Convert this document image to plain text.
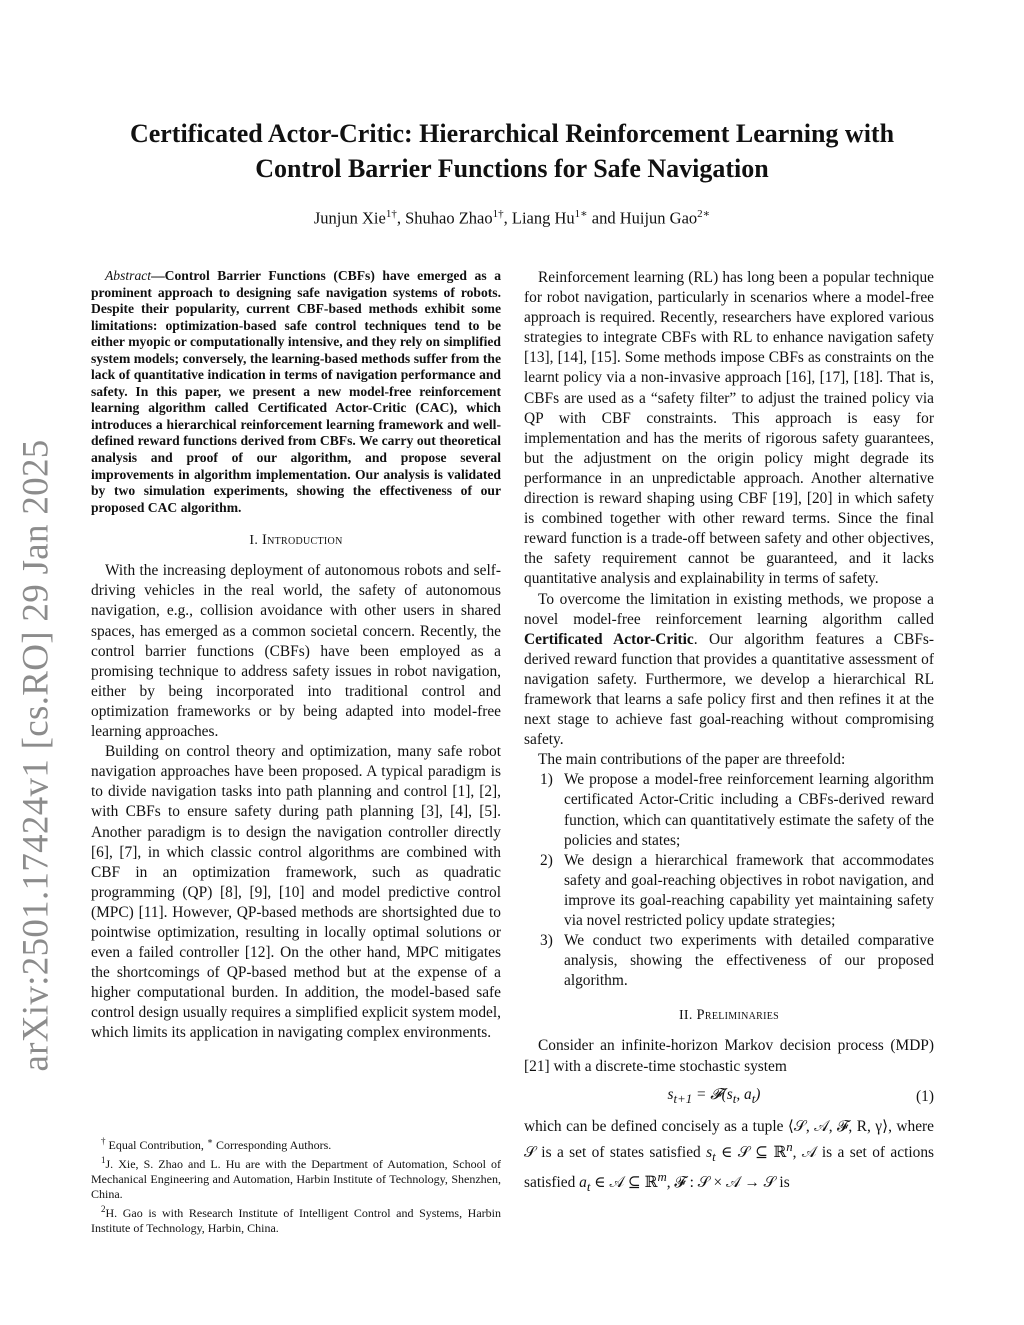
arXiv:2501.17424v1 [cs.RO] 29 Jan 2025
Certificated Actor-Critic: Hierarchical Reinforcement Learning with
Control Barrier Functions for Safe Navigation
Junjun Xie$^{1\dagger}$, Shuhao Zhao$^{1\dagger}$, Liang $Hu^{1∗}$ and Huijun Gao$^{2∗}$

Abstract—Control Barrier Functions (CBFs) have emerged as a prominent approach to designing safe navigation systems of robots. Despite their popularity, current CBF-based methods exhibit some limitations: optimization-based safe control techniques tend to be either myopic or computationally intensive, and they rely on simplified system models; conversely, the learning-based methods suffer from the lack of quantitative indication in terms of navigation performance and safety. In this paper, we present a new model-free reinforcement learning algorithm called Certificated Actor-Critic (CAC), which introduces a hierarchical reinforcement learning framework and well-defined reward functions derived from CBFs. We carry out theoretical analysis and proof of our algorithm, and propose several improvements in algorithm implementation. Our analysis is validated by two simulation experiments, showing the effectiveness of our proposed CAC algorithm.

I. Introduction

With the increasing deployment of autonomous robots and self-driving vehicles in the real world, the safety of autonomous navigation, e.g., collision avoidance with other users in shared spaces, has emerged as a common societal concern. Recently, the control barrier functions (CBFs) have been employed as a promising technique to address safety issues in robot navigation, either by being incorporated into traditional control and optimization frameworks or by being adapted into model-free learning approaches.

Building on control theory and optimization, many safe robot navigation approaches have been proposed. A typical paradigm is to divide navigation tasks into path planning and control [1], [2], with CBFs to ensure safety during path planning [3], [4], [5]. Another paradigm is to design the navigation controller directly [6], [7], in which classic control algorithms are combined with CBF in an optimization framework, such as quadratic programming (QP) [8], [9], [10] and model predictive control (MPC) [11]. However, QP-based methods are shortsighted due to pointwise optimization, resulting in locally optimal solutions or even a failed controller [12]. On the other hand, MPC mitigates the shortcomings of QP-based method but at the expense of a higher computational burden. In addition, the model-based safe control design usually requires a simplified explicit system model, which limits its application in navigating complex environments.

† Equal Contribution, ∗ Corresponding Authors.

$^1$J. Xie, S. Zhao and L. Hu are with the Department of Automation, School of Mechanical Engineering and Automation, Harbin Institute of Technology, Shenzhen, China.

$^2$H. Gao is with Research Institute of Intelligent Control and Systems, Harbin Institute of Technology, Harbin, China.

Reinforcement learning (RL) has long been a popular technique for robot navigation, particularly in scenarios where a model-free approach is required. Recently, researchers have explored various strategies to integrate CBFs with RL to enhance navigation safety [13], [14], [15]. Some methods impose CBFs as constraints on the learnt policy via a non-invasive approach [16], [17], [18]. That is, CBFs are used as a “safety filter” to adjust the trained policy via QP with CBF constraints. This approach is easy for implementation and has the merits of rigorous safety guarantees, but the adjustment on the origin policy might degrade its performance in an unpredictable approach. Another alternative direction is reward shaping using CBF [19], [20] in which safety is combined together with other reward terms. Since the final reward function is a trade-off between safety and other objectives, the safety requirement cannot be guaranteed, and it lacks quantitative analysis and explainability in terms of safety.

To overcome the limitation in existing methods, we propose a novel model-free reinforcement learning algorithm called Certificated Actor-Critic. Our algorithm features a CBFs-derived reward function that provides a quantitative assessment of navigation safety. Furthermore, we develop a hierarchical RL framework that learns a safe policy first and then refines it at the next stage to achieve fast goal-reaching without compromising safety.

The main contributions of the paper are threefold:

1) We propose a model-free reinforcement learning algorithm certificated Actor-Critic including a CBFs-derived reward function, which can quantitatively estimate the safety of the policies and states;
2) We design a hierarchical framework that accommodates safety and goal-reaching objectives in robot navigation, and improve its goal-reaching capability yet maintaining safety via novel restricted policy update strategies;
3) We conduct two experiments with detailed comparative analysis, showing the effectiveness of our proposed algorithm.
II. Preliminaries

Consider an infinite-horizon Markov decision process (MDP) [21] with a discrete-time stochastic system

$s_{t+1}$ = $𝓕(s_t$, $a_t$)	(1)

which can be defined concisely as a tuple ⟨𝒮, 𝒜, 𝓕, R, γ⟩, where 𝒮 is a set of states satisfied $s_t$ ∈ 𝒮 ⊆ ℝ$^n$, 𝒜 is a set of actions satisfied $a_t$ ∈ 𝒜 ⊆ ℝ$^m$, 𝓕 : 𝒮 × 𝒜 → 𝒮 is
